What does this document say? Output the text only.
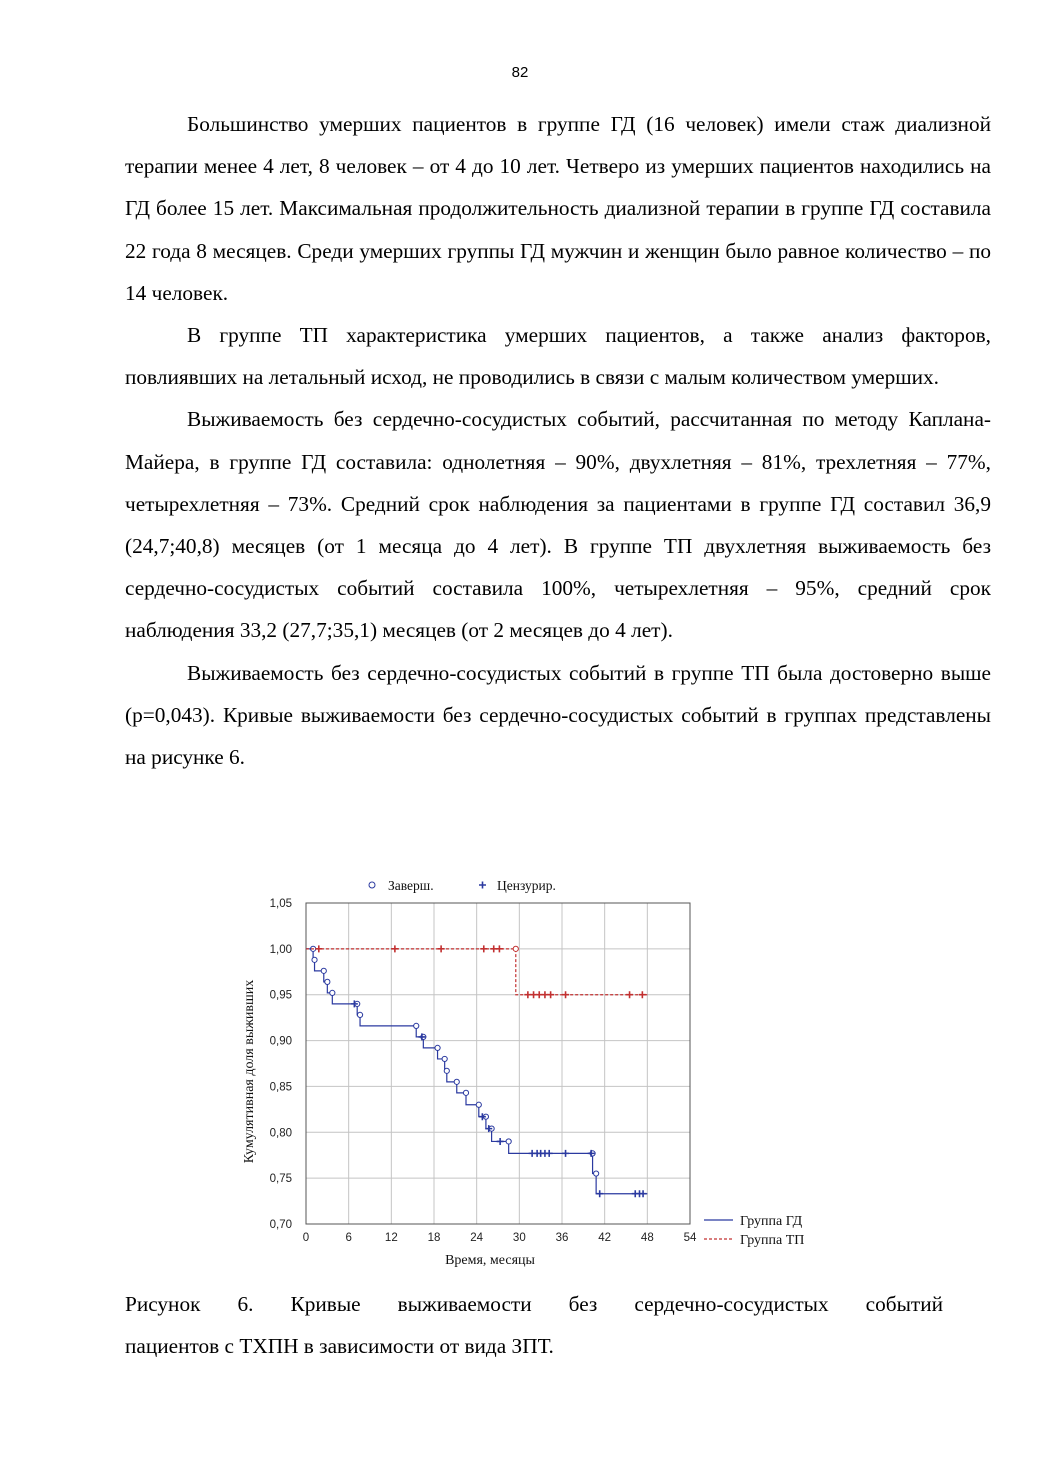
82

Большинство умерших пациентов в группе ГД (16 человек) имели стаж диализной терапии менее 4 лет, 8 человек – от 4 до 10 лет. Четверо из умерших пациентов находились на ГД более 15 лет. Максимальная продолжительность диализной терапии в группе ГД составила 22 года 8 месяцев. Среди умерших группы ГД мужчин и женщин было равное количество – по 14 человек.

В группе ТП характеристика умерших пациентов, а также анализ факторов, повлиявших на летальный исход, не проводились в связи с малым количеством умерших.

Выживаемость без сердечно-сосудистых событий, рассчитанная по методу Каплана-Майера, в группе ГД составила: однолетняя – 90%, двухлетняя – 81%, трехлетняя – 77%, четырехлетняя – 73%. Средний срок наблюдения за пациентами в группе ГД составил 36,9 (24,7;40,8) месяцев (от 1 месяца до 4 лет). В группе ТП двухлетняя выживаемость без сердечно-сосудистых событий составила 100%, четырехлетняя – 95%, средний срок наблюдения 33,2 (27,7;35,1) месяцев (от 2 месяцев до 4 лет).

Выживаемость без сердечно-сосудистых событий в группе ТП была достоверно выше (p=0,043). Кривые выживаемости без сердечно-сосудистых событий в группах представлены на рисунке 6.

Заверш.	Цензурир.
0	6	12	18	24	30	36	42	48	54
0,70
0,75
0,80
0,85
0,90
0,95
1,00
1,05
Время, месяцы
Кумулятивная доля выживших
Группа ГД
Группа ТП

Рисунок 6. Кривые выживаемости без сердечно-сосудистых событий
пациентов с ТХПН в зависимости от вида ЗПТ.
